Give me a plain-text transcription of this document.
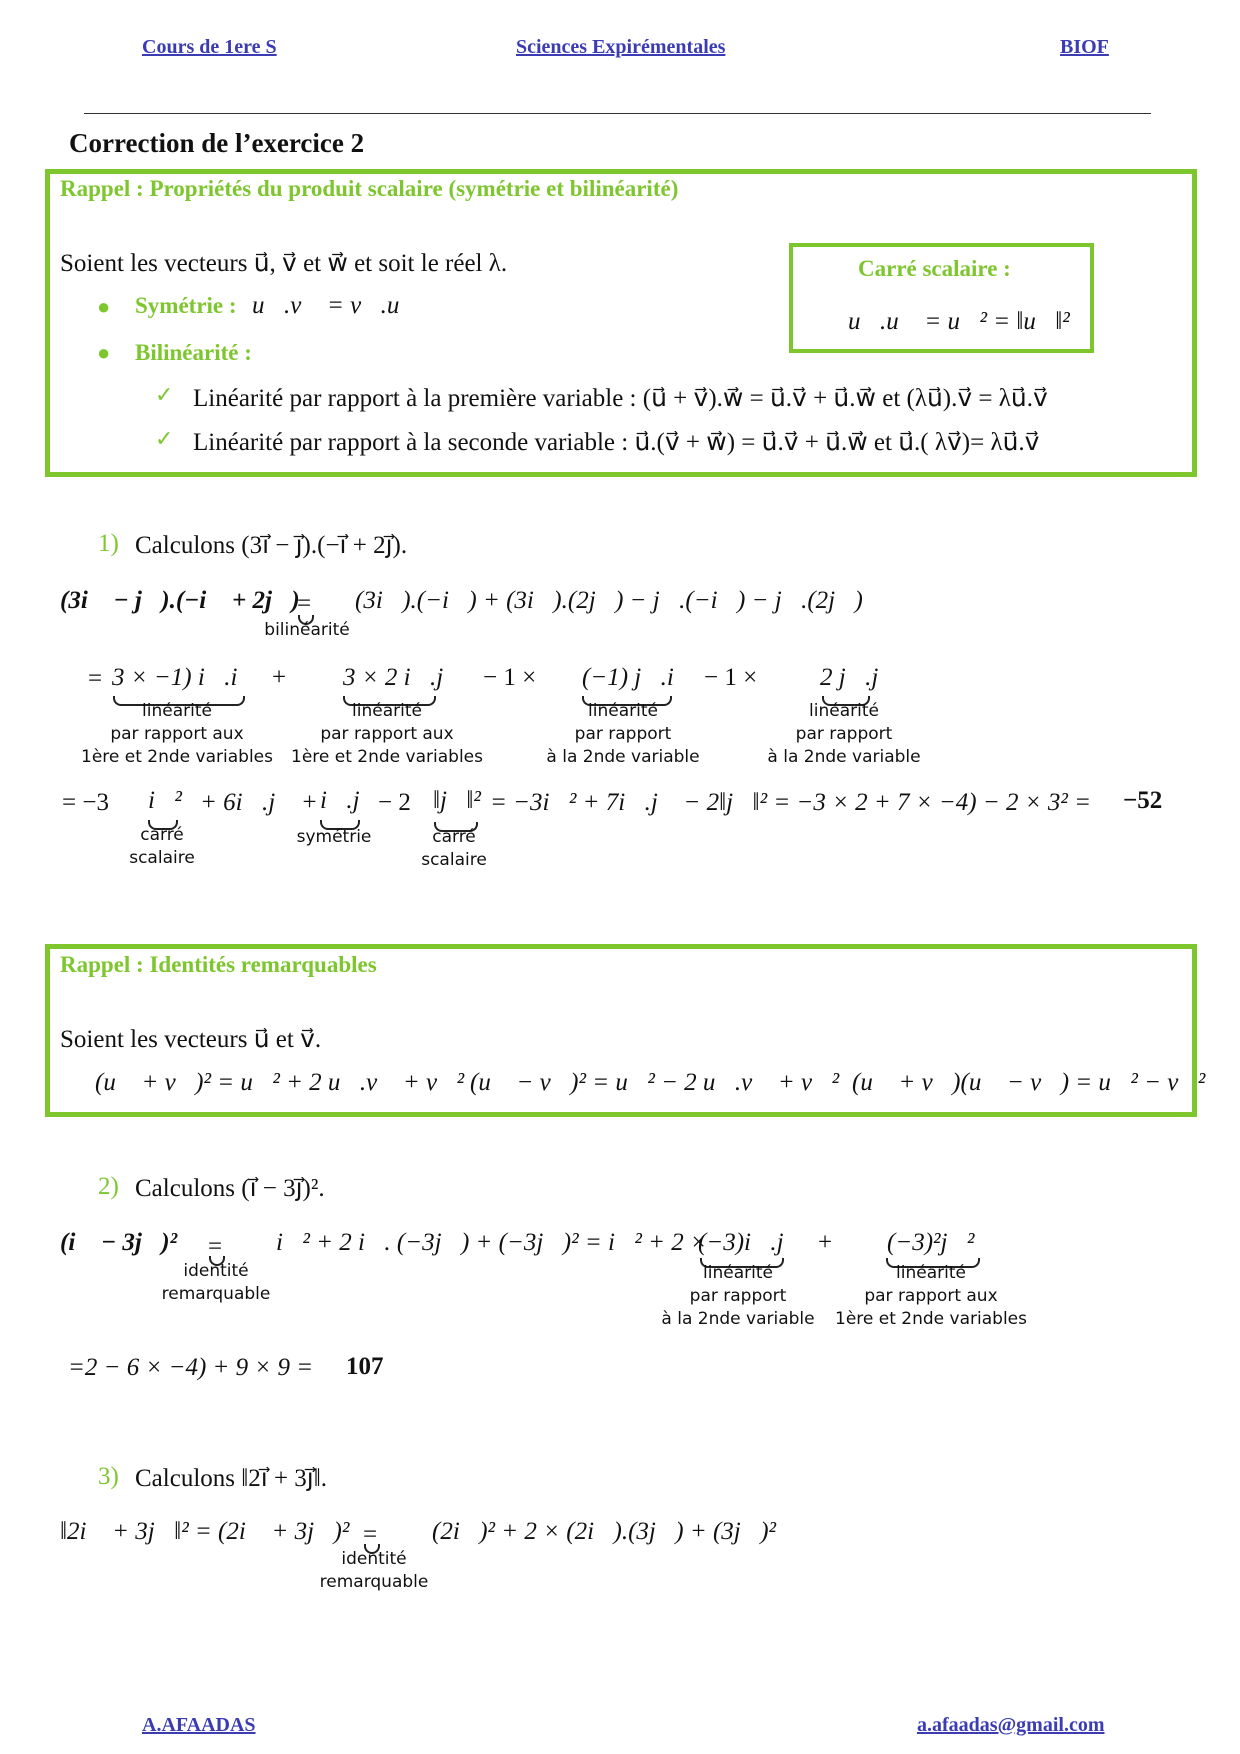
Cours de 1ere S	Sciences Expirémentales	BIOF
Correction de l’exercice 2
Rappel : Propriétés du produit scalaire (symétrie et bilinéarité)
Soient les vecteurs u⃗, v⃗ et w⃗ et soit le réel λ.
● Symétrie : u⃗.v⃗ = v⃗.u⃗
● Bilinéarité :
✓ Linéarité par rapport à la première variable : (u⃗ + v⃗).w⃗ = u⃗.v⃗ + u⃗.w⃗ et (λu⃗).v⃗ = λu⃗.v⃗
✓ Linéarité par rapport à la seconde variable : u⃗.(v⃗ + w⃗) = u⃗.v⃗ + u⃗.w⃗ et u⃗.( λv⃗)= λu⃗.v⃗
Carré scalaire :
u⃗.u⃗ = u⃗² = ‖u⃗‖²
1) Calculons (3i⃗ − j⃗).(−i⃗ + 2j⃗).
(3i⃗ − j⃗).(−i⃗ + 2j⃗)
=
bilinéarité
(3i⃗).(−i⃗) + (3i⃗).(2j⃗) − j⃗.(−i⃗) − j⃗.(2j⃗)
= 3 × −1) i⃗.i⃗
linéarité
par rapport aux
1ère et 2nde variables
+ 3 × 2 i⃗.j⃗
linéarité
par rapport aux
1ère et 2nde variables
− 1 × (−1) j⃗.i⃗
linéarité
par rapport
à la 2nde variable
− 1 ×	2 j⃗.j⃗
linéarité
par rapport
à la 2nde variable
= −3 i⃗²
carré
scalaire
+ 6i⃗.j⃗ + i⃗.j⃗
symétrie
− 2 ‖j⃗‖²
carré
scalaire
= −3i⃗² + 7i⃗.j⃗ − 2‖j⃗‖² = −3 × 2 + 7 × −4) − 2 × 3² = −52
Rappel : Identités remarquables
Soient les vecteurs u⃗ et v⃗.
(u⃗ + v⃗)² = u⃗² + 2 u⃗.v⃗ + v⃗² (u⃗ − v⃗)² = u⃗² − 2 u⃗.v⃗ + v⃗² (u⃗ + v⃗)(u⃗ − v⃗) = u⃗² − v⃗²
2) Calculons (i⃗ − 3j⃗)².
(i⃗ − 3j⃗)² =
identité
remarquable
i⃗² + 2 i⃗. (−3j⃗) + (−3j⃗)² = i⃗² + 2 ×
(−3)i⃗.j⃗
linéarité
par rapport
à la 2nde variable
+ (−3)²j⃗²
linéarité
par rapport aux
1ère et 2nde variables
=2 − 6 × −4) + 9 × 9 = 107
3) Calculons ‖2i⃗ + 3j⃗‖.
‖2i⃗ + 3j⃗‖² = (2i⃗ + 3j⃗)² =
identité
remarquable
(2i⃗)² + 2 × (2i⃗).(3j⃗) + (3j⃗)²
A.AFAADAS	a.afaadas@gmail.com
